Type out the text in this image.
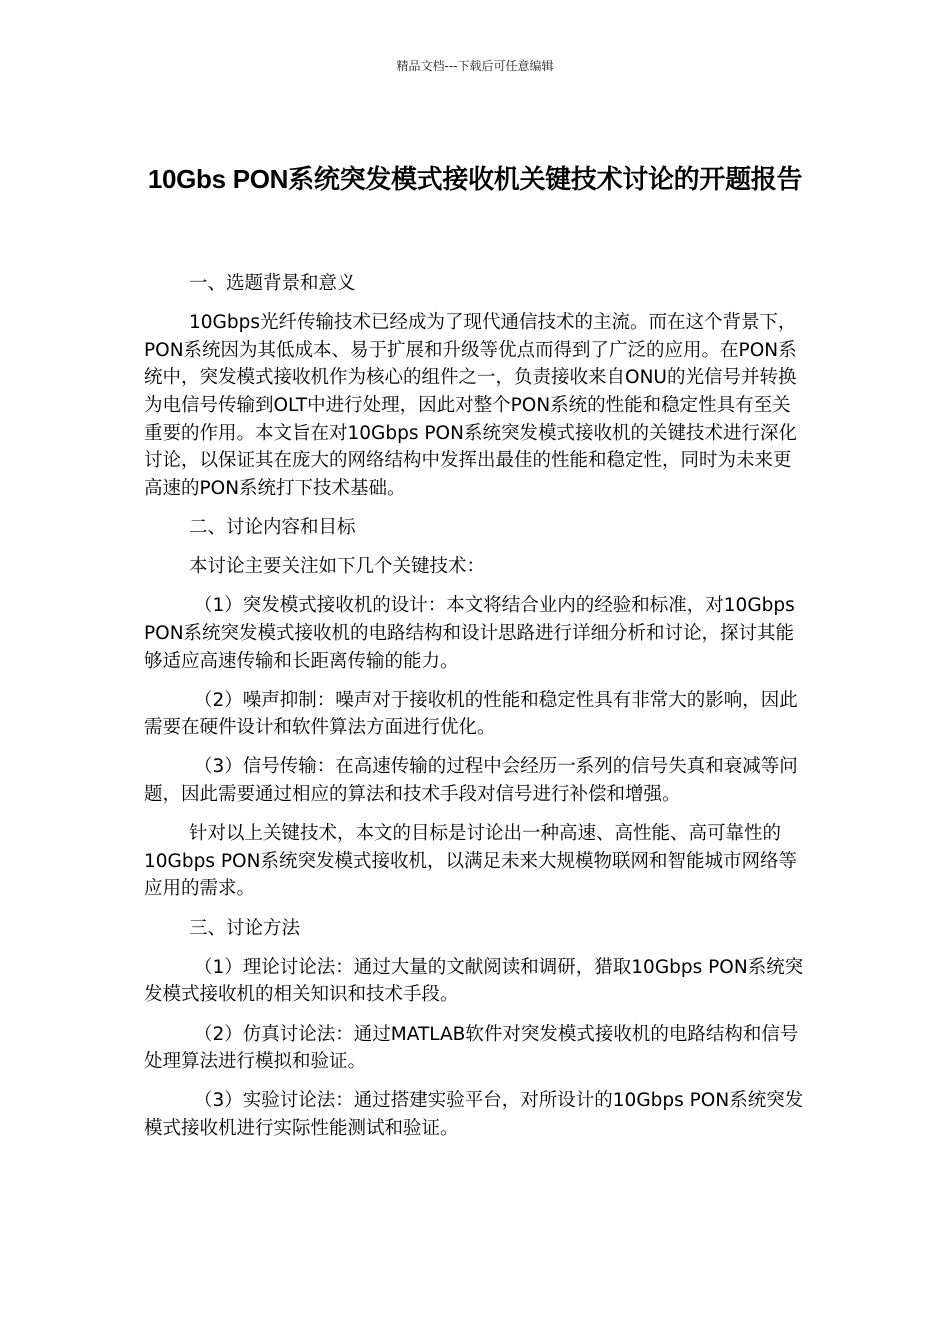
精品文档---下载后可任意编辑
10Gbs PON系统突发模式接收机关键技术讨论的开题报告

一、选题背景和意义

10Gbps光纤传输技术已经成为了现代通信技术的主流。而在这个背景下，PON系统因为其低成本、易于扩展和升级等优点而得到了广泛的应用。在PON系统中，突发模式接收机作为核心的组件之一，负责接收来自ONU的光信号并转换为电信号传输到OLT中进行处理，因此对整个PON系统的性能和稳定性具有至关重要的作用。本文旨在对10Gbps PON系统突发模式接收机的关键技术进行深化讨论，以保证其在庞大的网络结构中发挥出最佳的性能和稳定性，同时为未来更高速的PON系统打下技术基础。

二、讨论内容和目标

本讨论主要关注如下几个关键技术：

（1）突发模式接收机的设计：本文将结合业内的经验和标准，对10Gbps PON系统突发模式接收机的电路结构和设计思路进行详细分析和讨论，探讨其能够适应高速传输和长距离传输的能力。

（2）噪声抑制：噪声对于接收机的性能和稳定性具有非常大的影响，因此需要在硬件设计和软件算法方面进行优化。

（3）信号传输：在高速传输的过程中会经历一系列的信号失真和衰减等问题，因此需要通过相应的算法和技术手段对信号进行补偿和增强。

针对以上关键技术，本文的目标是讨论出一种高速、高性能、高可靠性的10Gbps PON系统突发模式接收机，以满足未来大规模物联网和智能城市网络等应用的需求。

三、讨论方法

（1）理论讨论法：通过大量的文献阅读和调研，猎取10Gbps PON系统突发模式接收机的相关知识和技术手段。

（2）仿真讨论法：通过MATLAB软件对突发模式接收机的电路结构和信号处理算法进行模拟和验证。

（3）实验讨论法：通过搭建实验平台，对所设计的10Gbps PON系统突发模式接收机进行实际性能测试和验证。
